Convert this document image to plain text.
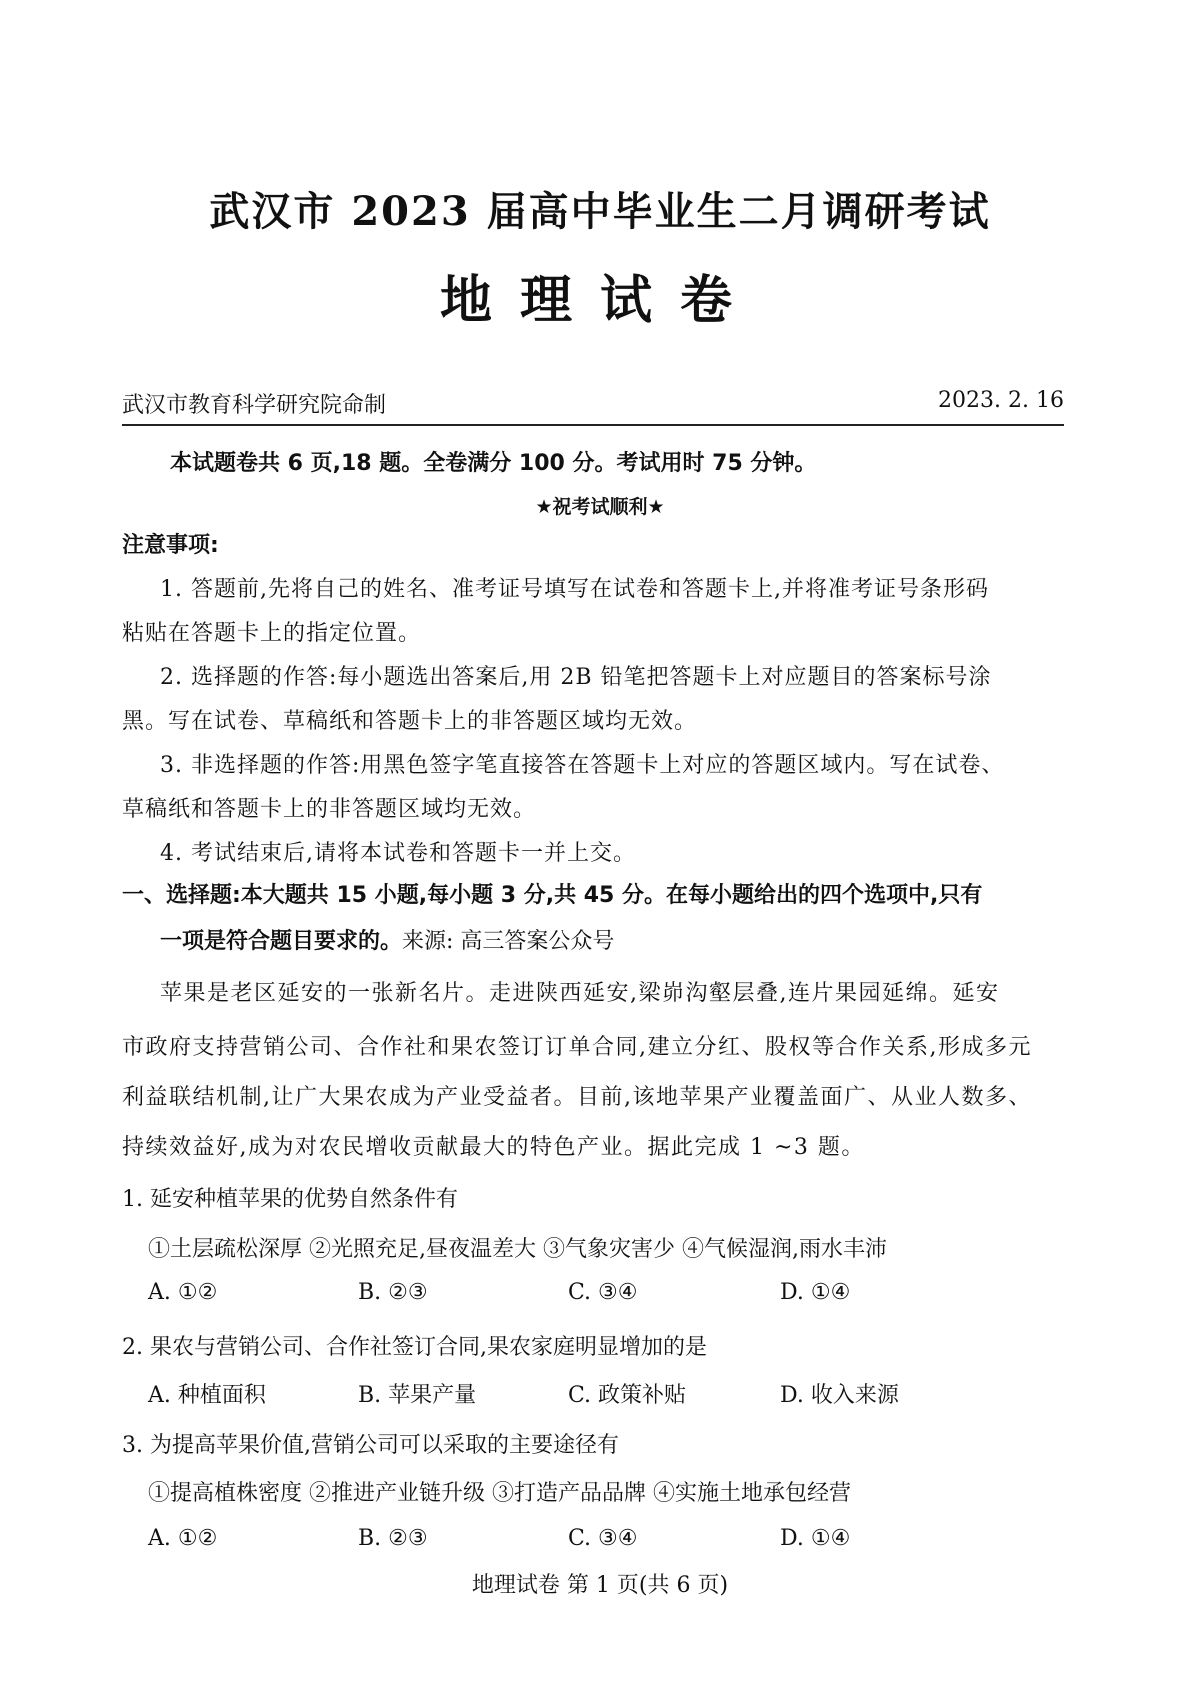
武汉市 2023 届高中毕业生二月调研考试
地理试卷
武汉市教育科学研究院命制	2023. 2. 16
本试题卷共 6 页,18 题。全卷满分 100 分。考试用时 75 分钟。
★祝考试顺利★
注意事项:
1. 答题前,先将自己的姓名、准考证号填写在试卷和答题卡上,并将准考证号条形码
粘贴在答题卡上的指定位置。
2. 选择题的作答:每小题选出答案后,用 2B 铅笔把答题卡上对应题目的答案标号涂
黑。写在试卷、草稿纸和答题卡上的非答题区域均无效。
3. 非选择题的作答:用黑色签字笔直接答在答题卡上对应的答题区域内。写在试卷、
草稿纸和答题卡上的非答题区域均无效。
4. 考试结束后,请将本试卷和答题卡一并上交。
一、选择题:本大题共 15 小题,每小题 3 分,共 45 分。在每小题给出的四个选项中,只有
一项是符合题目要求的。来源: 高三答案公众号
苹果是老区延安的一张新名片。走进陕西延安,梁峁沟壑层叠,连片果园延绵。延安
市政府支持营销公司、合作社和果农签订订单合同,建立分红、股权等合作关系,形成多元
利益联结机制,让广大果农成为产业受益者。目前,该地苹果产业覆盖面广、从业人数多、
持续效益好,成为对农民增收贡献最大的特色产业。据此完成 1 ~3 题。
1. 延安种植苹果的优势自然条件有
①土层疏松深厚 ②光照充足,昼夜温差大 ③气象灾害少 ④气候湿润,雨水丰沛
A. ①②	B. ②③	C. ③④	D. ①④
2. 果农与营销公司、合作社签订合同,果农家庭明显增加的是
A. 种植面积	B. 苹果产量	C. 政策补贴	D. 收入来源
3. 为提高苹果价值,营销公司可以采取的主要途径有
①提高植株密度 ②推进产业链升级 ③打造产品品牌 ④实施土地承包经营
A. ①②	B. ②③	C. ③④	D. ①④
地理试卷 第 1 页(共 6 页)
